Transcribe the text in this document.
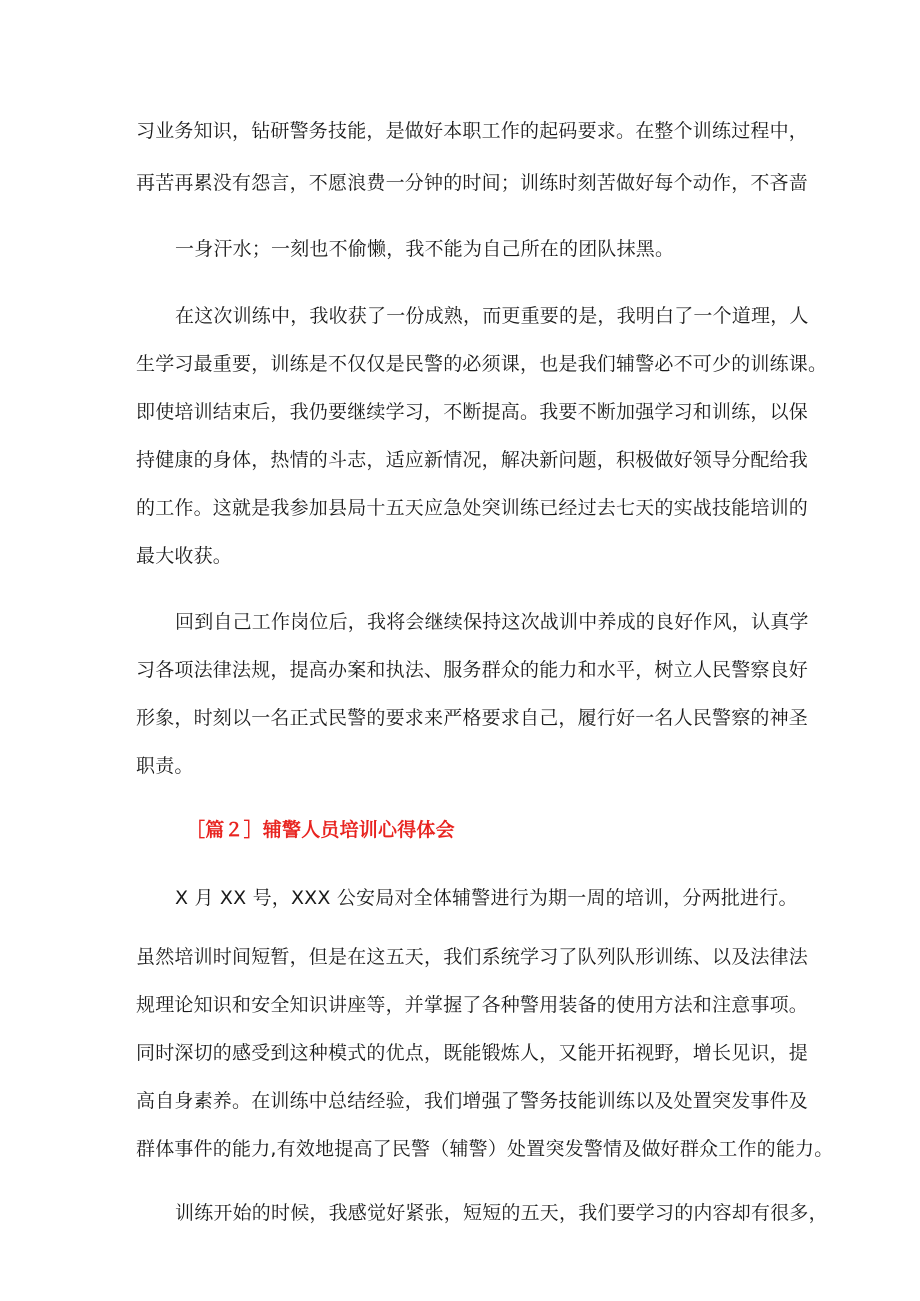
习业务知识，钻研警务技能，是做好本职工作的起码要求。在整个训练过程中，
再苦再累没有怨言，不愿浪费一分钟的时间；训练时刻苦做好每个动作，不吝啬
一身汗水；一刻也不偷懒，我不能为自己所在的团队抹黑。
在这次训练中，我收获了一份成熟，而更重要的是，我明白了一个道理，人
生学习最重要，训练是不仅仅是民警的必须课，也是我们辅警必不可少的训练课。
即使培训结束后，我仍要继续学习，不断提高。我要不断加强学习和训练，以保
持健康的身体，热情的斗志，适应新情况，解决新问题，积极做好领导分配给我
的工作。这就是我参加县局十五天应急处突训练已经过去七天的实战技能培训的
最大收获。
回到自己工作岗位后，我将会继续保持这次战训中养成的良好作风，认真学
习各项法律法规，提高办案和执法、服务群众的能力和水平，树立人民警察良好
形象，时刻以一名正式民警的要求来严格要求自己，履行好一名人民警察的神圣
职责。
［篇２］辅警人员培训心得体会
X 月 XX 号，XXX 公安局对全体辅警进行为期一周的培训，分两批进行。
虽然培训时间短暂，但是在这五天，我们系统学习了队列队形训练、以及法律法
规理论知识和安全知识讲座等，并掌握了各种警用装备的使用方法和注意事项。
同时深切的感受到这种模式的优点，既能锻炼人，又能开拓视野，增长见识，提
高自身素养。在训练中总结经验，我们增强了警务技能训练以及处置突发事件及
群体事件的能力,有效地提高了民警（辅警）处置突发警情及做好群众工作的能力。
训练开始的时候，我感觉好紧张，短短的五天，我们要学习的内容却有很多，
